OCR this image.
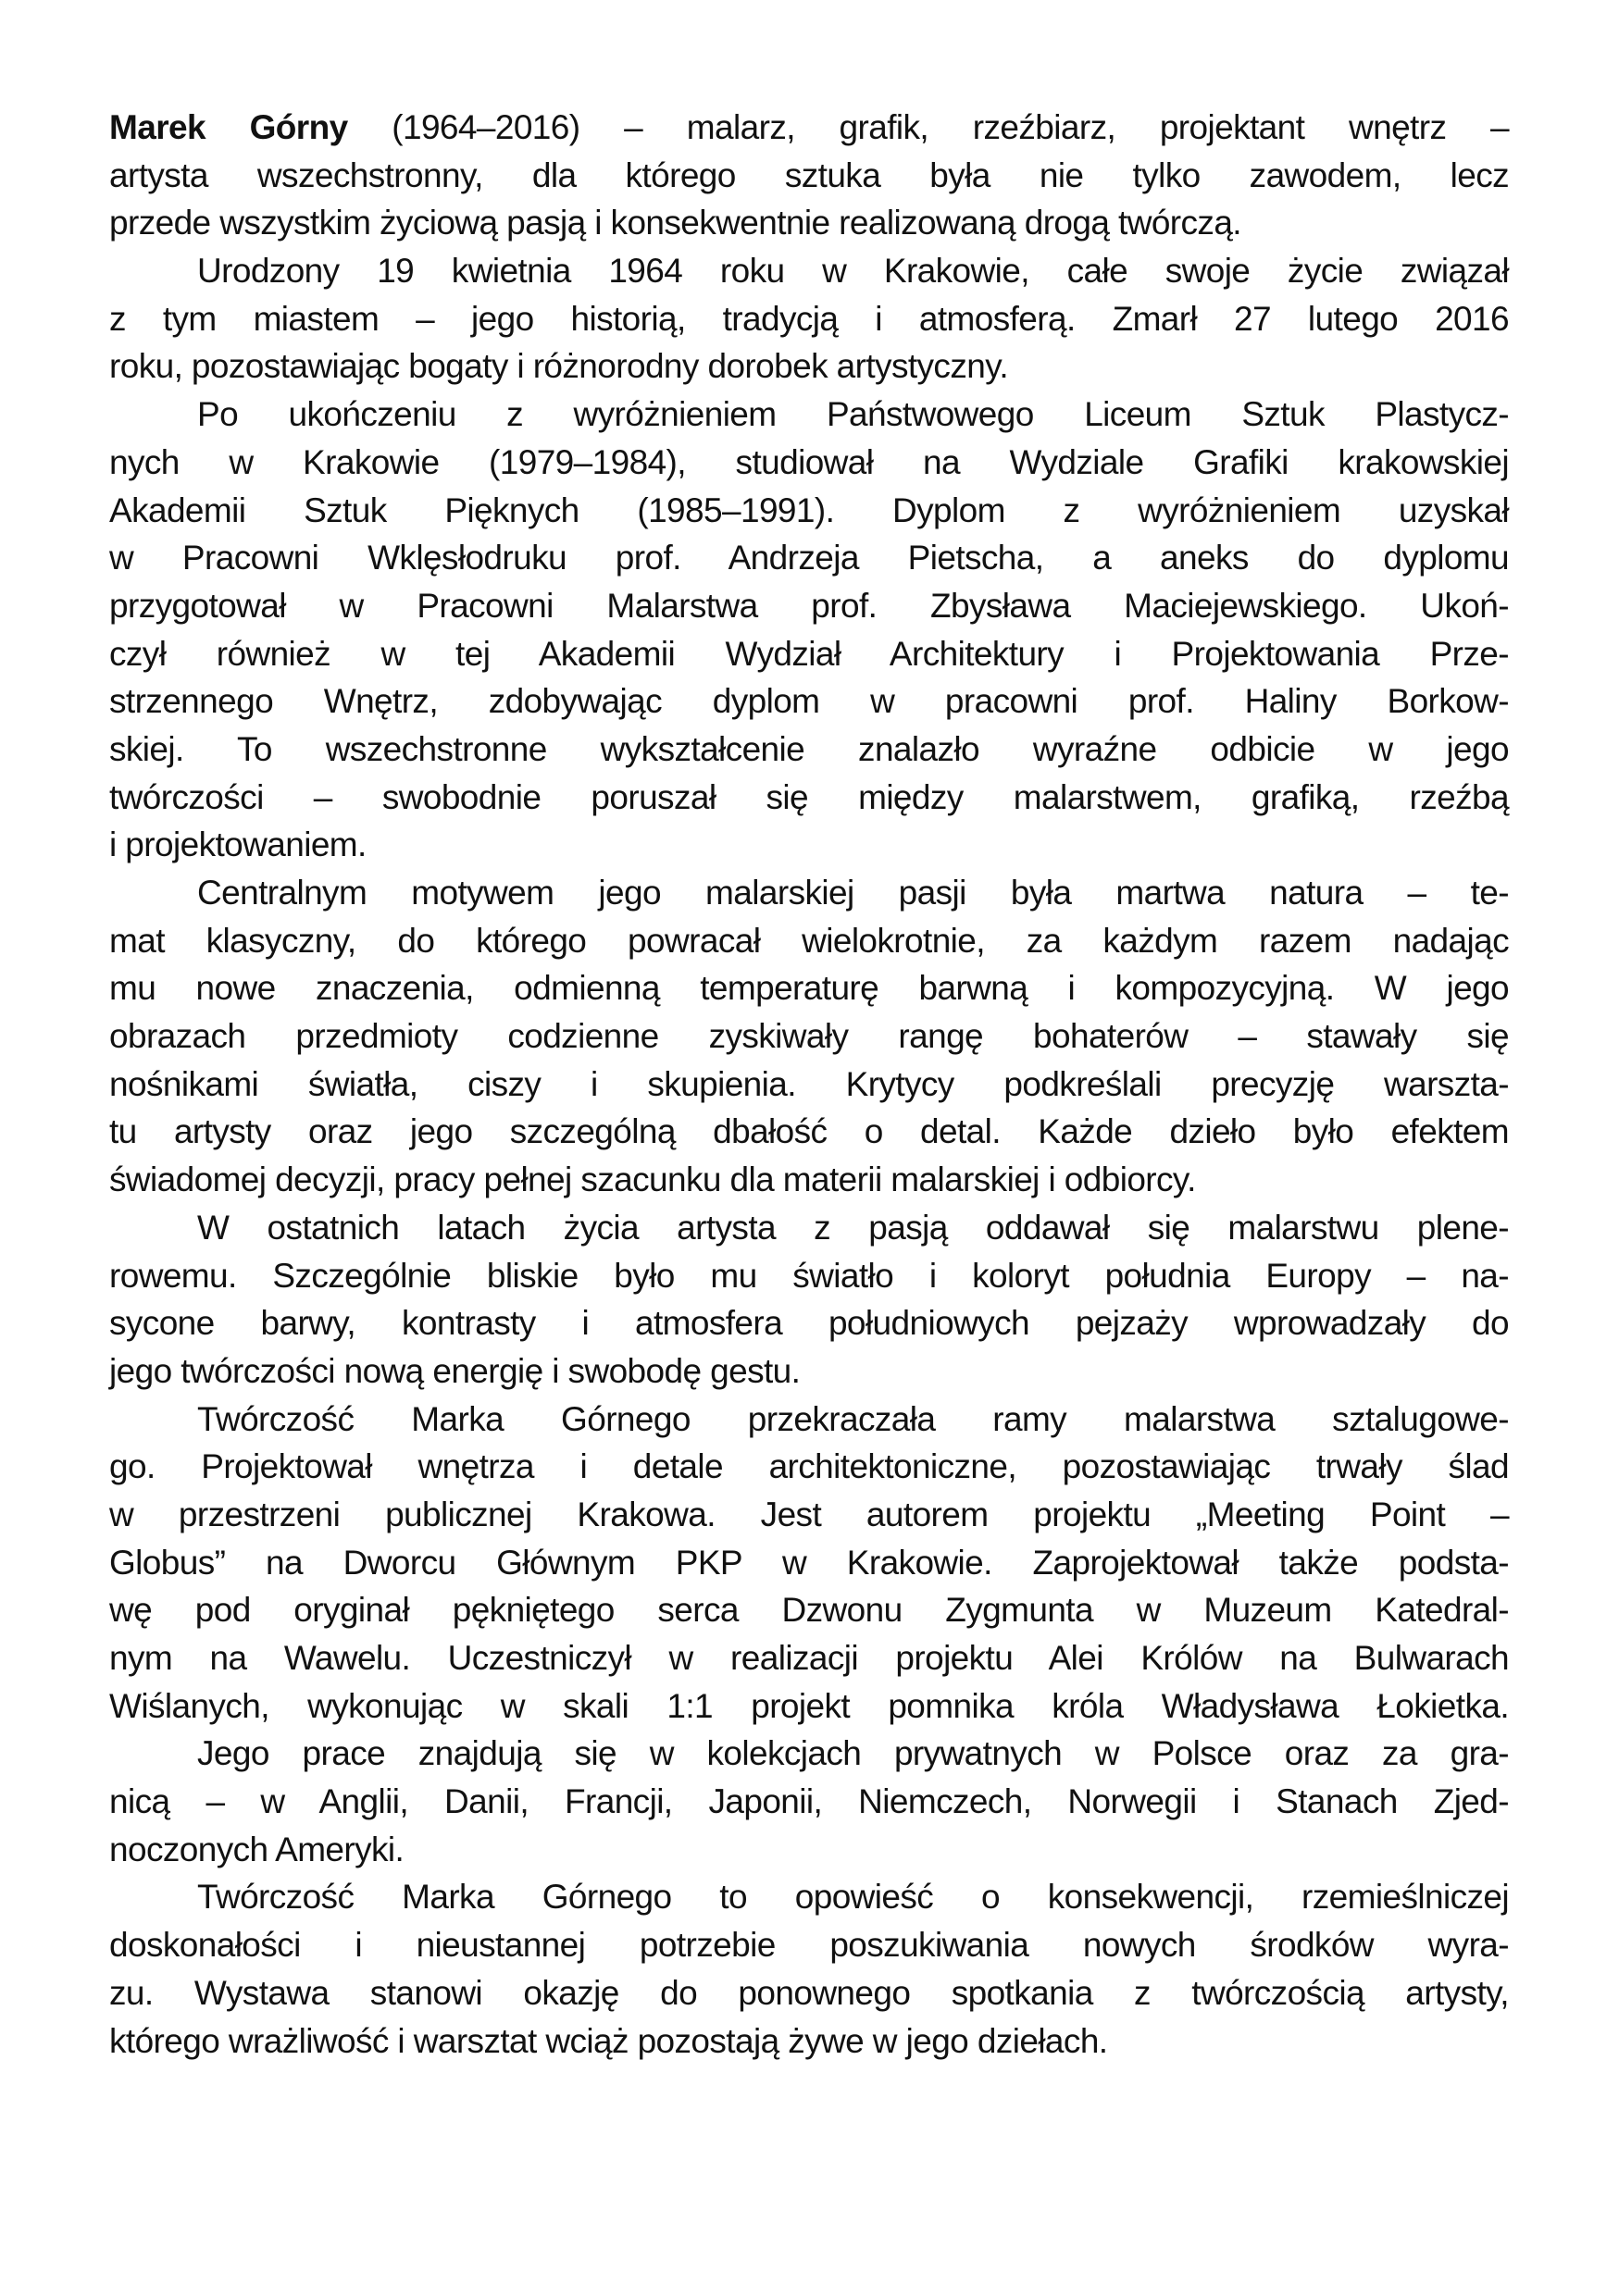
Marek Górny (1964–2016) – malarz, grafik, rzeźbiarz, projektant wnętrz –
artysta wszechstronny, dla którego sztuka była nie tylko zawodem, lecz
przede wszystkim życiową pasją i konsekwentnie realizowaną drogą twórczą.
Urodzony 19 kwietnia 1964 roku w Krakowie, całe swoje życie związał
z tym miastem – jego historią, tradycją i atmosferą. Zmarł 27 lutego 2016
roku, pozostawiając bogaty i różnorodny dorobek artystyczny.
Po ukończeniu z wyróżnieniem Państwowego Liceum Sztuk Plastycz-
nych w Krakowie (1979–1984), studiował na Wydziale Grafiki krakowskiej
Akademii Sztuk Pięknych (1985–1991). Dyplom z wyróżnieniem uzyskał
w Pracowni Wklęsłodruku prof. Andrzeja Pietscha, a aneks do dyplomu
przygotował w Pracowni Malarstwa prof. Zbysława Maciejewskiego. Ukoń-
czył również w tej Akademii Wydział Architektury i Projektowania Prze-
strzennego Wnętrz, zdobywając dyplom w pracowni prof. Haliny Borkow-
skiej. To wszechstronne wykształcenie znalazło wyraźne odbicie w jego
twórczości – swobodnie poruszał się między malarstwem, grafiką, rzeźbą
i projektowaniem.
Centralnym motywem jego malarskiej pasji była martwa natura – te-
mat klasyczny, do którego powracał wielokrotnie, za każdym razem nadając
mu nowe znaczenia, odmienną temperaturę barwną i kompozycyjną. W jego
obrazach przedmioty codzienne zyskiwały rangę bohaterów – stawały się
nośnikami światła, ciszy i skupienia. Krytycy podkreślali precyzję warszta-
tu artysty oraz jego szczególną dbałość o detal. Każde dzieło było efektem
świadomej decyzji, pracy pełnej szacunku dla materii malarskiej i odbiorcy.
W ostatnich latach życia artysta z pasją oddawał się malarstwu plene-
rowemu. Szczególnie bliskie było mu światło i koloryt południa Europy – na-
sycone barwy, kontrasty i atmosfera południowych pejzaży wprowadzały do
jego twórczości nową energię i swobodę gestu.
Twórczość Marka Górnego przekraczała ramy malarstwa sztalugowe-
go. Projektował wnętrza i detale architektoniczne, pozostawiając trwały ślad
w przestrzeni publicznej Krakowa. Jest autorem projektu „Meeting Point –
Globus” na Dworcu Głównym PKP w Krakowie. Zaprojektował także podsta-
wę pod oryginał pękniętego serca Dzwonu Zygmunta w Muzeum Katedral-
nym na Wawelu. Uczestniczył w realizacji projektu Alei Królów na Bulwarach
Wiślanych, wykonując w skali 1:1 projekt pomnika króla Władysława Łokietka.
Jego prace znajdują się w kolekcjach prywatnych w Polsce oraz za gra-
nicą – w Anglii, Danii, Francji, Japonii, Niemczech, Norwegii i Stanach Zjed-
noczonych Ameryki.
Twórczość Marka Górnego to opowieść o konsekwencji, rzemieślniczej
doskonałości i nieustannej potrzebie poszukiwania nowych środków wyra-
zu. Wystawa stanowi okazję do ponownego spotkania z twórczością artysty,
którego wrażliwość i warsztat wciąż pozostają żywe w jego dziełach.
